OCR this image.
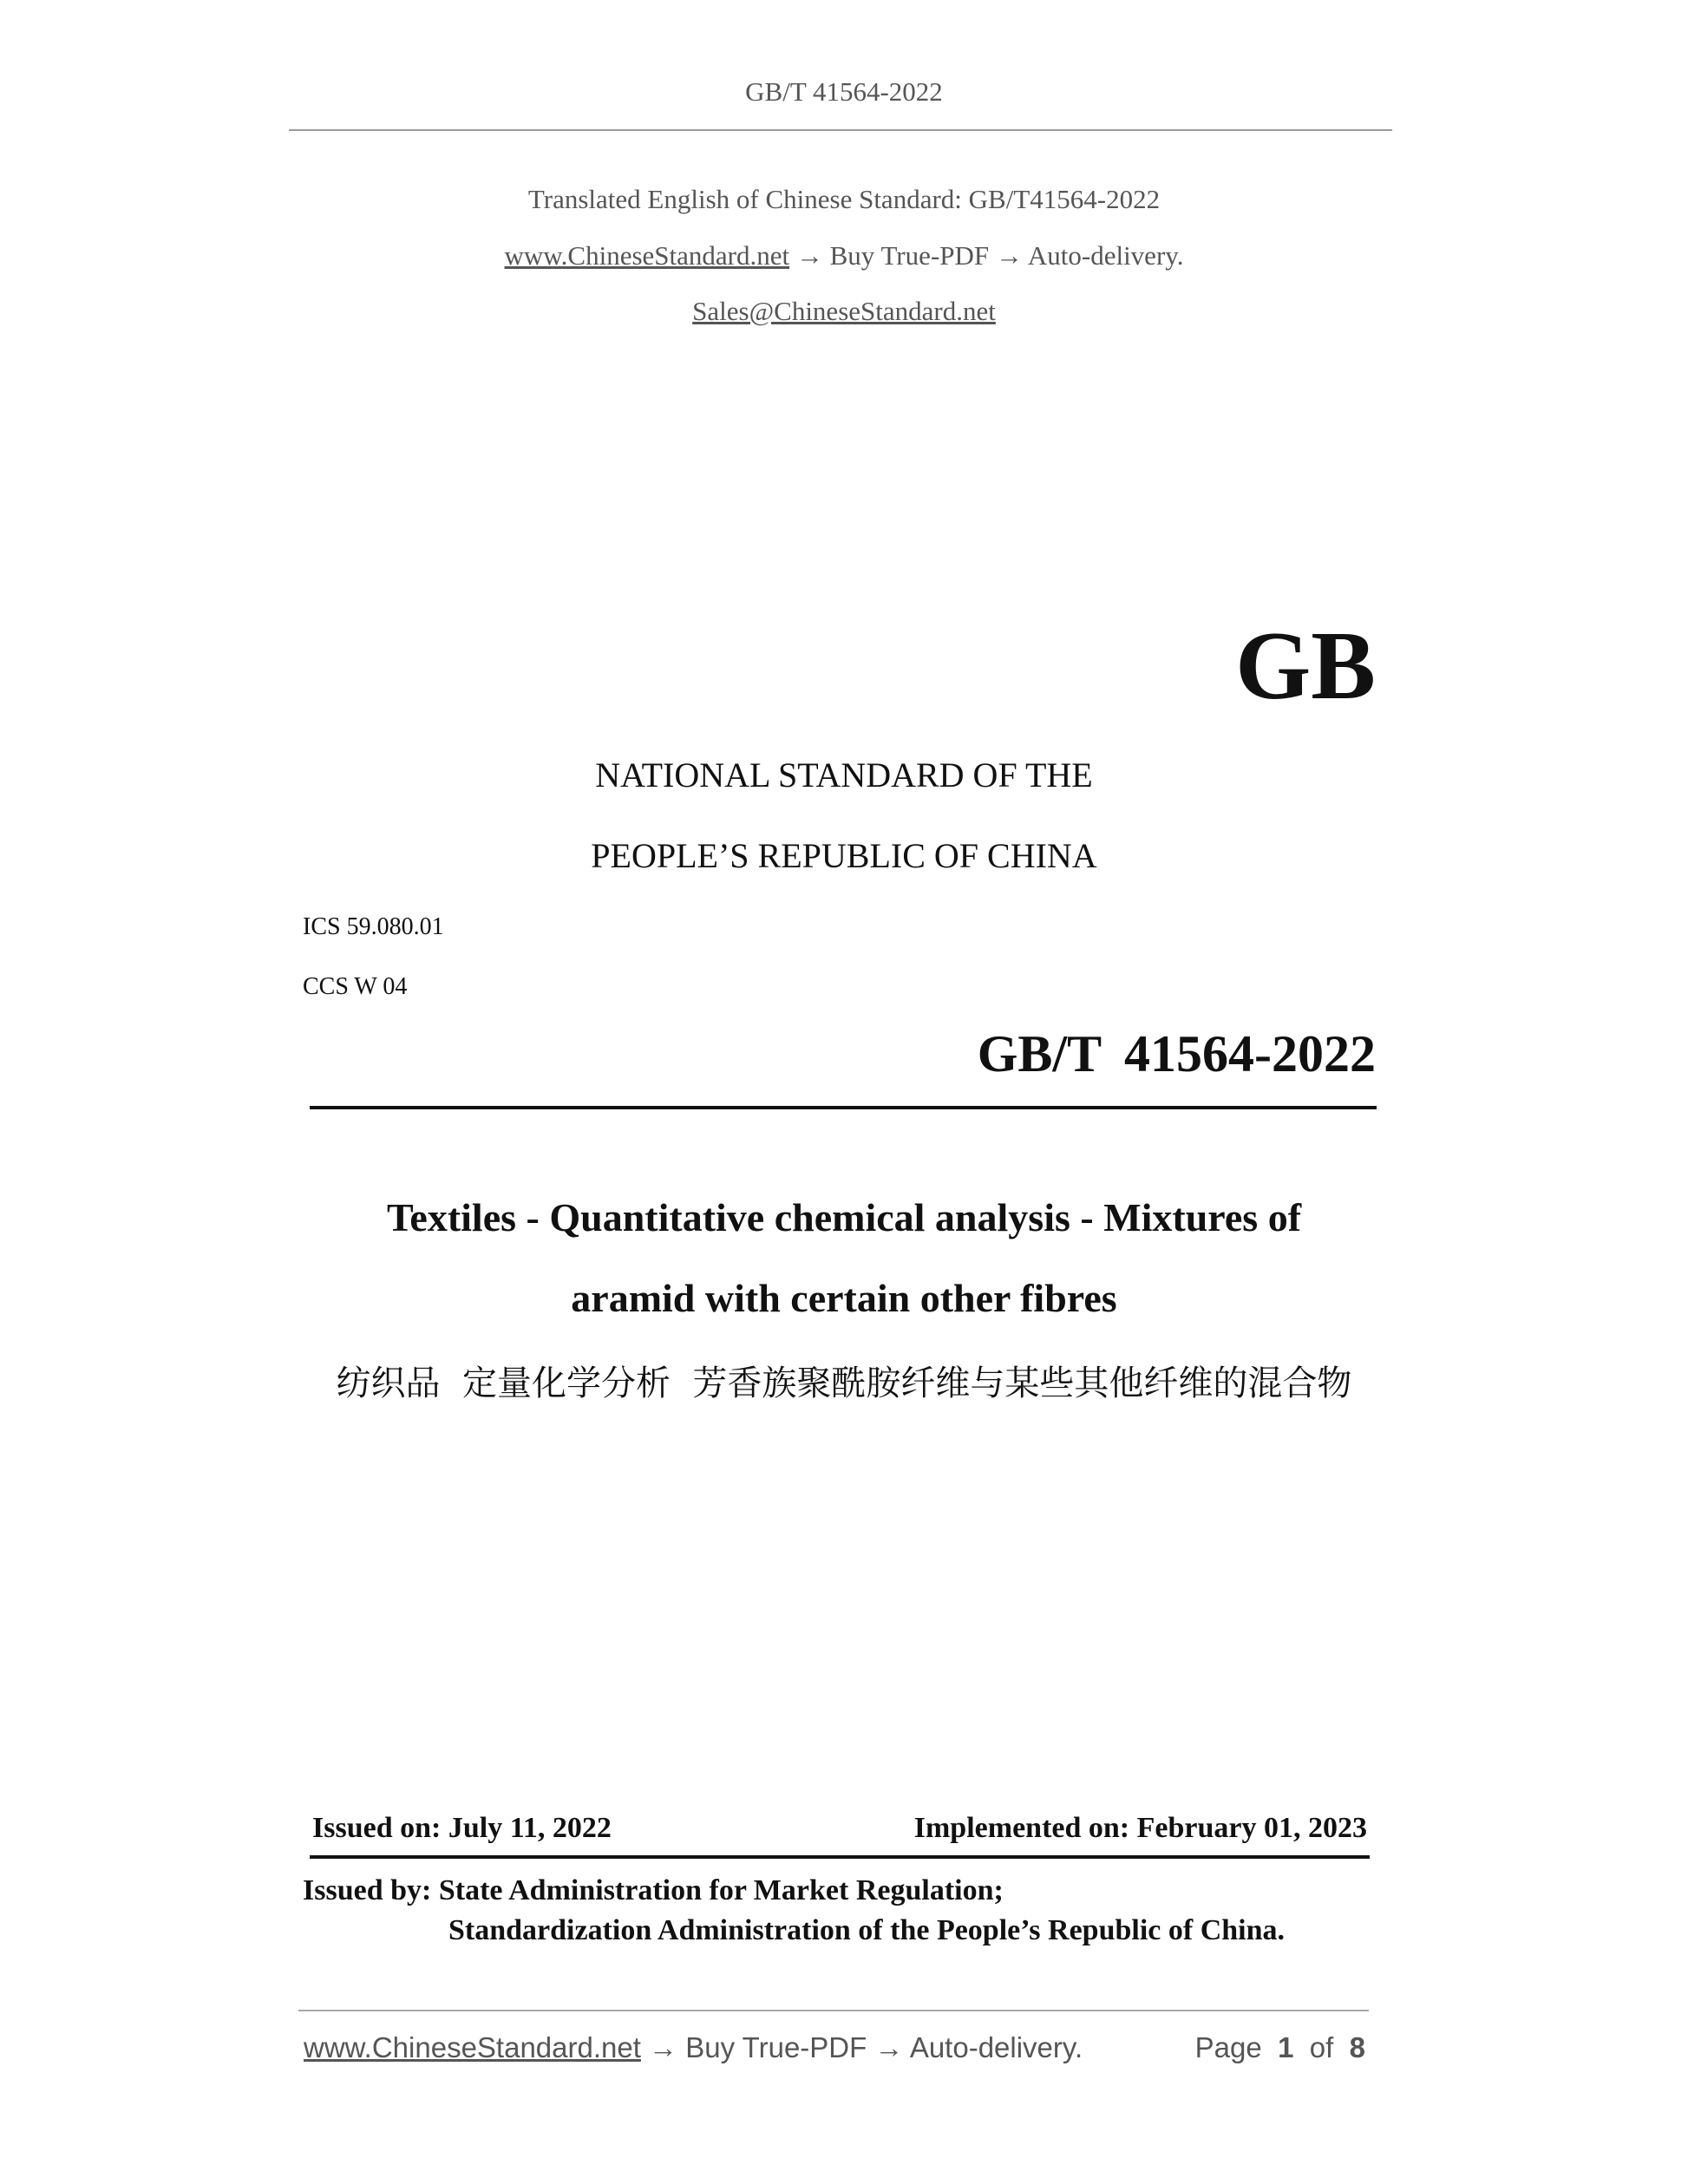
GB/T 41564-2022
Translated English of Chinese Standard: GB/T41564-2022
www.ChineseStandard.net → Buy True-PDF → Auto-delivery.
Sales@ChineseStandard.net
GB
NATIONAL STANDARD OF THE
PEOPLE’S REPUBLIC OF CHINA
ICS 59.080.01
CCS W 04
GB/T 41564-2022
Textiles - Quantitative chemical analysis - Mixtures of
aramid with certain other fibres
纺织品  定量化学分析  芳香族聚酰胺纤维与某些其他纤维的混合物
Issued on: July 11, 2022	Implemented on: February 01, 2023
Issued by: State Administration for Market Regulation;
Standardization Administration of the People’s Republic of China.
www.ChineseStandard.net → Buy True-PDF → Auto-delivery.	Page 1 of 8
